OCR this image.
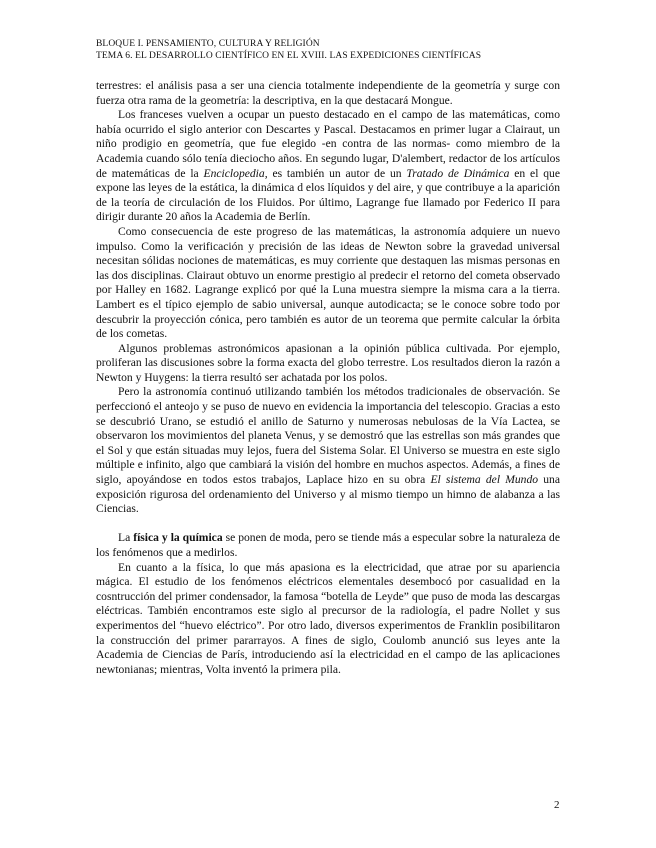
BLOQUE I. PENSAMIENTO, CULTURA Y RELIGIÓN
TEMA 6. EL DESARROLLO CIENTÍFICO EN EL XVIII. LAS EXPEDICIONES CIENTÍFICAS

terrestres: el análisis pasa a ser una ciencia totalmente independiente de la geometría y surge con fuerza otra rama de la geometría: la descriptiva, en la que destacará Mongue.

Los franceses vuelven a ocupar un puesto destacado en el campo de las matemáticas, como había ocurrido el siglo anterior con Descartes y Pascal. Destacamos en primer lugar a Clairaut, un niño prodigio en geometría, que fue elegido -en contra de las normas- como miembro de la Academia cuando sólo tenía dieciocho años. En segundo lugar, D'alembert, redactor de los artículos de matemáticas de la Enciclopedia, es también un autor de un Tratado de Dinámica en el que expone las leyes de la estática, la dinámica d elos líquidos y del aire, y que contribuye a la aparición de la teoría de circulación de los Fluidos. Por último, Lagrange fue llamado por Federico II para dirigir durante 20 años la Academia de Berlín.

Como consecuencia de este progreso de las matemáticas, la astronomía adquiere un nuevo impulso. Como la verificación y precisión de las ideas de Newton sobre la gravedad universal necesitan sólidas nociones de matemáticas, es muy corriente que destaquen las mismas personas en las dos disciplinas. Clairaut obtuvo un enorme prestigio al predecir el retorno del cometa observado por Halley en 1682. Lagrange explicó por qué la Luna muestra siempre la misma cara a la tierra. Lambert es el típico ejemplo de sabio universal, aunque autodicacta; se le conoce sobre todo por descubrir la proyección cónica, pero también es autor de un teorema que permite calcular la órbita de los cometas.

Algunos problemas astronómicos apasionan a la opinión pública cultivada. Por ejemplo, proliferan las discusiones sobre la forma exacta del globo terrestre. Los resultados dieron la razón a Newton y Huygens: la tierra resultó ser achatada por los polos.

Pero la astronomía continuó utilizando también los métodos tradicionales de observación. Se perfeccionó el anteojo y se puso de nuevo en evidencia la importancia del telescopio. Gracias a esto se descubrió Urano, se estudió el anillo de Saturno y numerosas nebulosas de la Vía Lactea, se observaron los movimientos del planeta Venus, y se demostró que las estrellas son más grandes que el Sol y que están situadas muy lejos, fuera del Sistema Solar. El Universo se muestra en este siglo múltiple e infinito, algo que cambiará la visión del hombre en muchos aspectos. Además, a fines de siglo, apoyándose en todos estos trabajos, Laplace hizo en su obra El sistema del Mundo una exposición rigurosa del ordenamiento del Universo y al mismo tiempo un himno de alabanza a las Ciencias.

La física y la química se ponen de moda, pero se tiende más a especular sobre la naturaleza de los fenómenos que a medirlos.

En cuanto a la física, lo que más apasiona es la electricidad, que atrae por su apariencia mágica. El estudio de los fenómenos eléctricos elementales desembocó por casualidad en la cosntrucción del primer condensador, la famosa “botella de Leyde” que puso de moda las descargas eléctricas. También encontramos este siglo al precursor de la radiología, el padre Nollet y sus experimentos del “huevo eléctrico”. Por otro lado, diversos experimentos de Franklin posibilitaron la construcción del primer pararrayos. A fines de siglo, Coulomb anunció sus leyes ante la Academia de Ciencias de París, introduciendo así la electricidad en el campo de las aplicaciones newtonianas; mientras, Volta inventó la primera pila.

2
